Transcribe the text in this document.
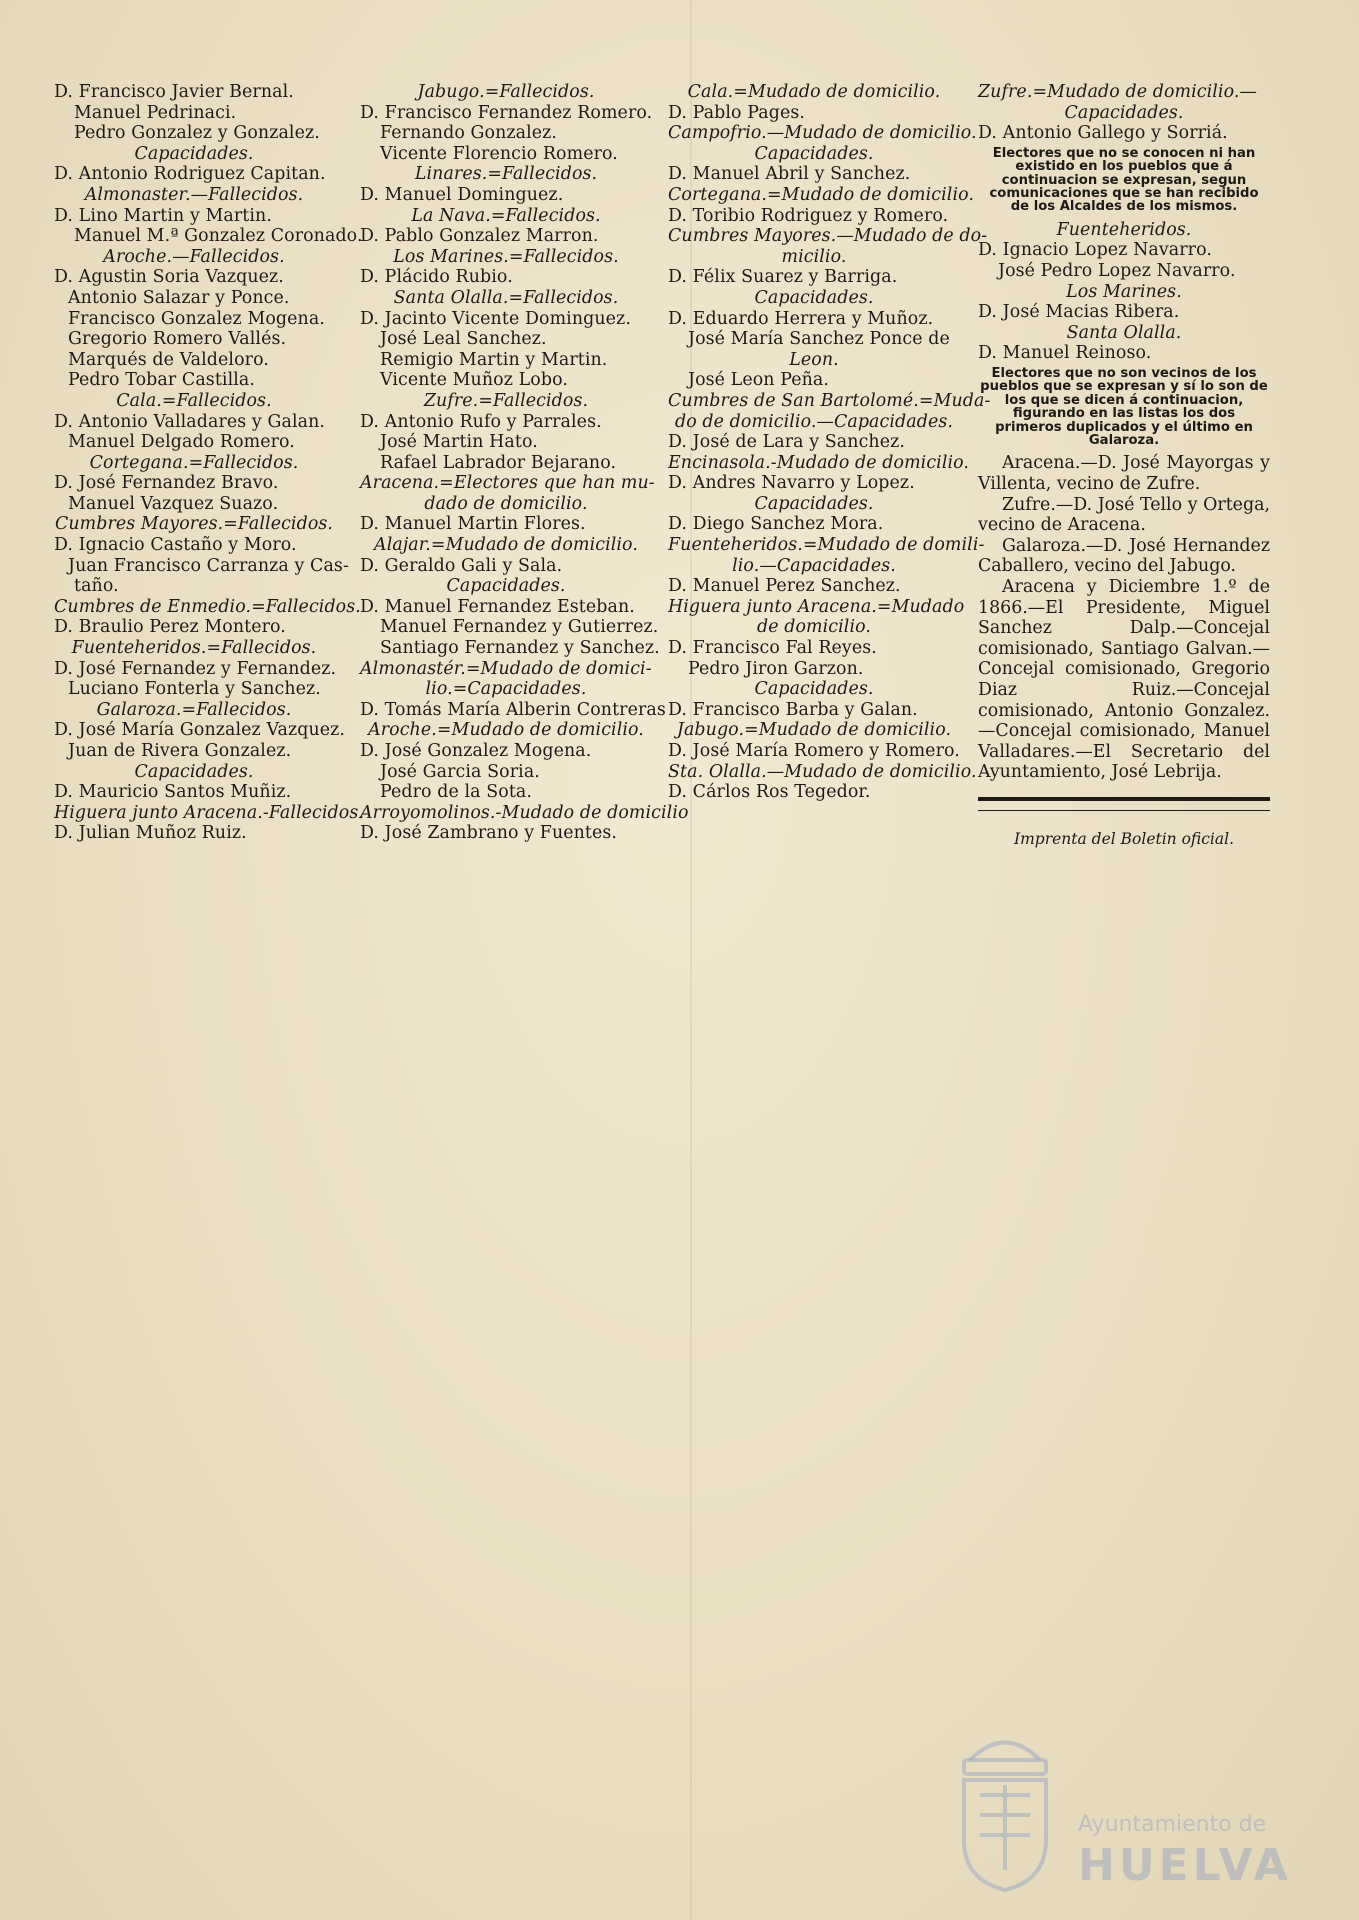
D. Francisco Javier Bernal.
Manuel Pedrinaci.
Pedro Gonzalez y Gonzalez.
Capacidades.
D. Antonio Rodriguez Capitan.
Almonaster.—Fallecidos.
D. Lino Martin y Martin.
Manuel M.ª Gonzalez Coronado.
Aroche.—Fallecidos.
D. Agustin Soria Vazquez.
Antonio Salazar y Ponce.
Francisco Gonzalez Mogena.
Gregorio Romero Vallés.
Marqués de Valdeloro.
Pedro Tobar Castilla.
Cala.=Fallecidos.
D. Antonio Valladares y Galan.
Manuel Delgado Romero.
Cortegana.=Fallecidos.
D. José Fernandez Bravo.
Manuel Vazquez Suazo.
Cumbres Mayores.=Fallecidos.
D. Ignacio Castaño y Moro.
Juan Francisco Carranza y Cas-
taño.
Cumbres de Enmedio.=Fallecidos.
D. Braulio Perez Montero.
Fuenteheridos.=Fallecidos.
D. José Fernandez y Fernandez.
Luciano Fonterla y Sanchez.
Galaroza.=Fallecidos.
D. José María Gonzalez Vazquez.
Juan de Rivera Gonzalez.
Capacidades.
D. Mauricio Santos Muñiz.
Higuera junto Aracena.-Fallecidos.
D. Julian Muñoz Ruiz.
Jabugo.=Fallecidos.
D. Francisco Fernandez Romero.
Fernando Gonzalez.
Vicente Florencio Romero.
Linares.=Fallecidos.
D. Manuel Dominguez.
La Nava.=Fallecidos.
D. Pablo Gonzalez Marron.
Los Marines.=Fallecidos.
D. Plácido Rubio.
Santa Olalla.=Fallecidos.
D. Jacinto Vicente Dominguez.
José Leal Sanchez.
Remigio Martin y Martin.
Vicente Muñoz Lobo.
Zufre.=Fallecidos.
D. Antonio Rufo y Parrales.
José Martin Hato.
Rafael Labrador Bejarano.
Aracena.=Electores que han mu-
dado de domicilio.
D. Manuel Martin Flores.
Alajar.=Mudado de domicilio.
D. Geraldo Gali y Sala.
Capacidades.
D. Manuel Fernandez Esteban.
Manuel Fernandez y Gutierrez.
Santiago Fernandez y Sanchez.
Almonastér.=Mudado de domici-
lio.=Capacidades.
D. Tomás María Alberin Contreras
Aroche.=Mudado de domicilio.
D. José Gonzalez Mogena.
José Garcia Soria.
Pedro de la Sota.
Arroyomolinos.-Mudado de domicilio
D. José Zambrano y Fuentes.
Cala.=Mudado de domicilio.
D. Pablo Pages.
Campofrio.—Mudado de domicilio.
Capacidades.
D. Manuel Abril y Sanchez.
Cortegana.=Mudado de domicilio.
D. Toribio Rodriguez y Romero.
Cumbres Mayores.—Mudado de do-
micilio.
D. Félix Suarez y Barriga.
Capacidades.
D. Eduardo Herrera y Muñoz.
José María Sanchez Ponce de
Leon.
José Leon Peña.
Cumbres de San Bartolomé.=Muda-
do de domicilio.—Capacidades.
D. José de Lara y Sanchez.
Encinasola.-Mudado de domicilio.
D. Andres Navarro y Lopez.
Capacidades.
D. Diego Sanchez Mora.
Fuenteheridos.=Mudado de domili-
lio.—Capacidades.
D. Manuel Perez Sanchez.
Higuera junto Aracena.=Mudado
de domicilio.
D. Francisco Fal Reyes.
Pedro Jiron Garzon.
Capacidades.
D. Francisco Barba y Galan.
Jabugo.=Mudado de domicilio.
D. José María Romero y Romero.
Sta. Olalla.—Mudado de domicilio.
D. Cárlos Ros Tegedor.
Zufre.=Mudado de domicilio.—
Capacidades.
D. Antonio Gallego y Sorriá.
Electores que no se conocen ni han existido en los pueblos que á continuacion se expresan, segun comunicaciones que se han recibido de los Alcaldes de los mismos.
Fuenteheridos.
D. Ignacio Lopez Navarro.
José Pedro Lopez Navarro.
Los Marines.
D. José Macias Ribera.
Santa Olalla.
D. Manuel Reinoso.
Electores que no son vecinos de los pueblos que se expresan y sí lo son de los que se dicen á continuacion, figurando en las listas los dos primeros duplicados y el último en Galaroza.
Aracena.—D. José Mayorgas y Villenta, vecino de Zufre.
Zufre.—D. José Tello y Ortega, vecino de Aracena.
Galaroza.—D. José Hernandez Caballero, vecino del Jabugo.
Aracena y Diciembre 1.º de 1866.—El Presidente, Miguel Sanchez Dalp.—Concejal comisionado, Santiago Galvan.—Concejal comisionado, Gregorio Diaz Ruiz.—Concejal comisionado, Antonio Gonzalez.—Concejal comisionado, Manuel Valladares.—El Secretario del Ayuntamiento, José Lebrija.
Imprenta del Boletin oficial.
Ayuntamiento de
HUELVA
